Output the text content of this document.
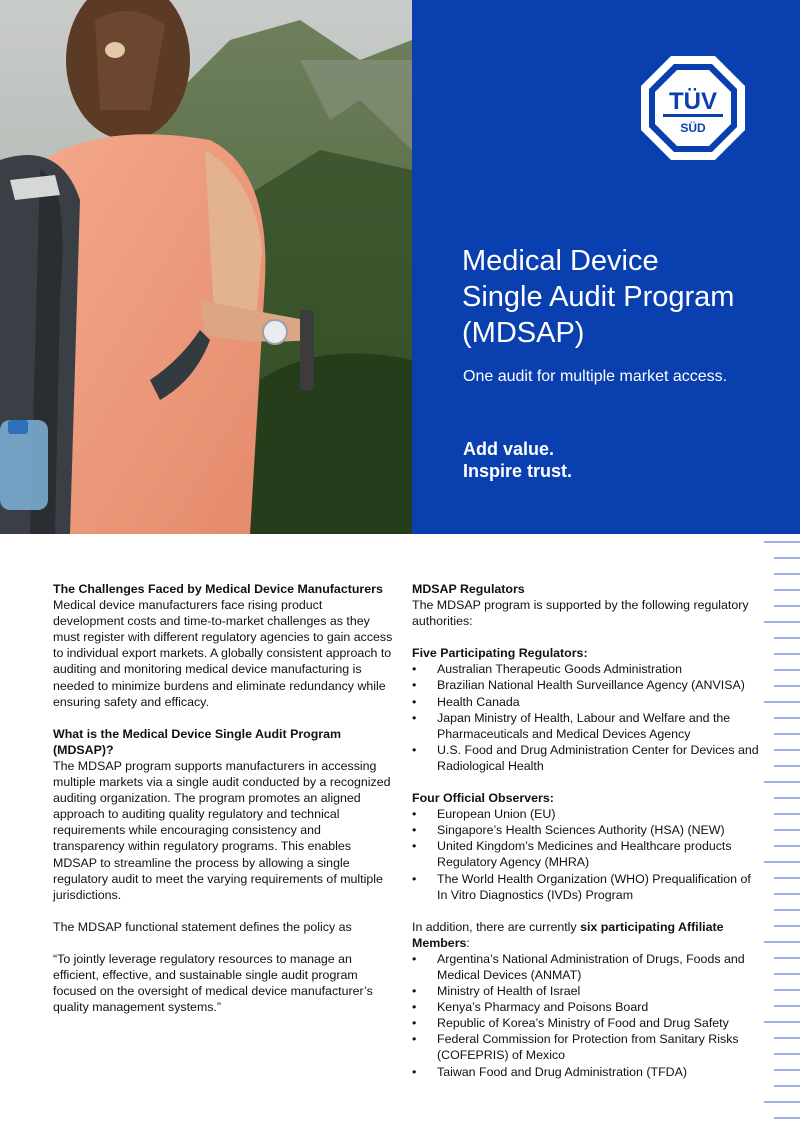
TÜV
SÜD
Medical Device
Single Audit Program
(MDSAP)
One audit for multiple market access.
Add value.
Inspire trust.

The Challenges Faced by Medical Device Manufacturers

Medical device manufacturers face rising product development costs and time-to-market challenges as they must register with different regulatory agencies to gain access to individual export markets. A globally consistent approach to auditing and monitoring medical device manufacturing is needed to minimize burdens and eliminate redundancy while ensuring safety and efficacy.

What is the Medical Device Single Audit Program (MDSAP)?

The MDSAP program supports manufacturers in accessing multiple markets via a single audit conducted by a recognized auditing organization. The program promotes an aligned approach to auditing quality regulatory and technical requirements while encouraging consistency and transparency within regulatory programs. This enables MDSAP to streamline the process by allowing a single regulatory audit to meet the varying requirements of multiple jurisdictions.

The MDSAP functional statement defines the policy as

“To jointly leverage regulatory resources to manage an efficient, effective, and sustainable single audit program focused on the oversight of medical device manufacturer’s quality management systems.”

MDSAP Regulators

The MDSAP program is supported by the following regulatory authorities:

Five Participating Regulators:

• Australian Therapeutic Goods Administration
• Brazilian National Health Surveillance Agency (ANVISA)
• Health Canada
• Japan Ministry of Health, Labour and Welfare and the Pharmaceuticals and Medical Devices Agency
• U.S. Food and Drug Administration Center for Devices and Radiological Health

Four Official Observers:

• European Union (EU)
• Singapore’s Health Sciences Authority (HSA) (NEW)
• United Kingdom’s Medicines and Healthcare products Regulatory Agency (MHRA)
• The World Health Organization (WHO) Prequalification of In Vitro Diagnostics (IVDs) Program

In addition, there are currently six participating Affiliate Members:

• Argentina’s National Administration of Drugs, Foods and Medical Devices (ANMAT)
• Ministry of Health of Israel
• Kenya’s Pharmacy and Poisons Board
• Republic of Korea’s Ministry of Food and Drug Safety
• Federal Commission for Protection from Sanitary Risks (COFEPRIS) of Mexico
• Taiwan Food and Drug Administration (TFDA)
